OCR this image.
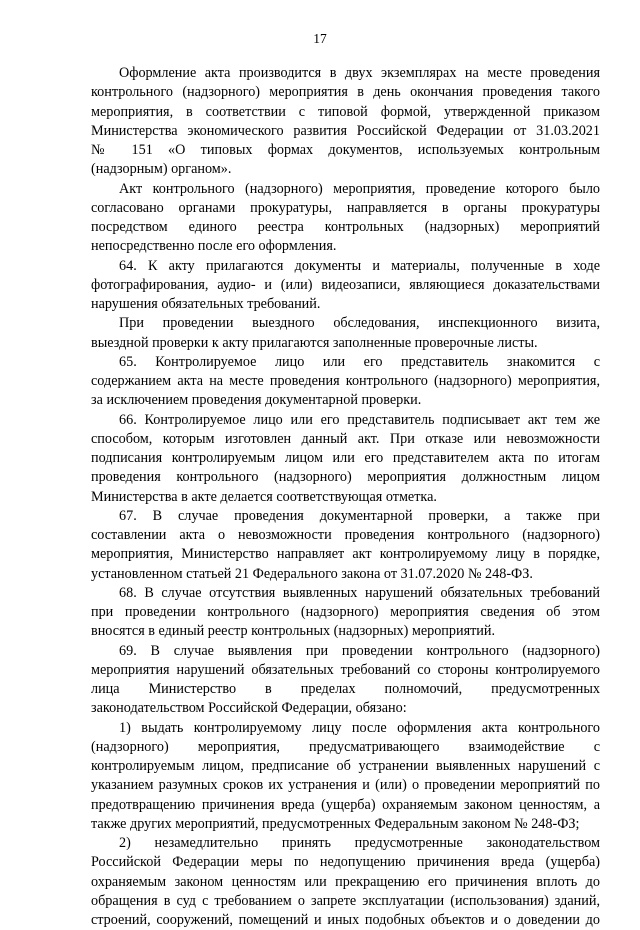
17

Оформление акта производится в двух экземплярах на месте проведения
контрольного (надзорного) мероприятия в день окончания проведения такого
мероприятия, в соответствии с типовой формой, утвержденной приказом
Министерства экономического развития Российской Федерации от 31.03.2021
№ 151 «О типовых формах документов, используемых контрольным
(надзорным) органом».

Акт контрольного (надзорного) мероприятия, проведение которого было
согласовано органами прокуратуры, направляется в органы прокуратуры
посредством единого реестра контрольных (надзорных) мероприятий
непосредственно после его оформления.

64. К акту прилагаются документы и материалы, полученные в ходе
фотографирования, аудио- и (или) видеозаписи, являющиеся доказательствами
нарушения обязательных требований.

При проведении выездного обследования, инспекционного визита,
выездной проверки к акту прилагаются заполненные проверочные листы.

65. Контролируемое лицо или его представитель знакомится с
содержанием акта на месте проведения контрольного (надзорного) мероприятия,
за исключением проведения документарной проверки.

66. Контролируемое лицо или его представитель подписывает акт тем же
способом, которым изготовлен данный акт. При отказе или невозможности
подписания контролируемым лицом или его представителем акта по итогам
проведения контрольного (надзорного) мероприятия должностным лицом
Министерства в акте делается соответствующая отметка.

67. В случае проведения документарной проверки, а также при
составлении акта о невозможности проведения контрольного (надзорного)
мероприятия, Министерство направляет акт контролируемому лицу в порядке,
установленном статьей 21 Федерального закона от 31.07.2020 № 248-ФЗ.

68. В случае отсутствия выявленных нарушений обязательных требований
при проведении контрольного (надзорного) мероприятия сведения об этом
вносятся в единый реестр контрольных (надзорных) мероприятий.

69. В случае выявления при проведении контрольного (надзорного)
мероприятия нарушений обязательных требований со стороны контролируемого
лица Министерство в пределах полномочий, предусмотренных
законодательством Российской Федерации, обязано:

1) выдать контролируемому лицу после оформления акта контрольного
(надзорного) мероприятия, предусматривающего взаимодействие с
контролируемым лицом, предписание об устранении выявленных нарушений с
указанием разумных сроков их устранения и (или) о проведении мероприятий по
предотвращению причинения вреда (ущерба) охраняемым законом ценностям, а
также других мероприятий, предусмотренных Федеральным законом № 248-ФЗ;

2) незамедлительно принять предусмотренные законодательством
Российской Федерации меры по недопущению причинения вреда (ущерба)
охраняемым законом ценностям или прекращению его причинения вплоть до
обращения в суд с требованием о запрете эксплуатации (использования) зданий,
строений, сооружений, помещений и иных подобных объектов и о доведении до
